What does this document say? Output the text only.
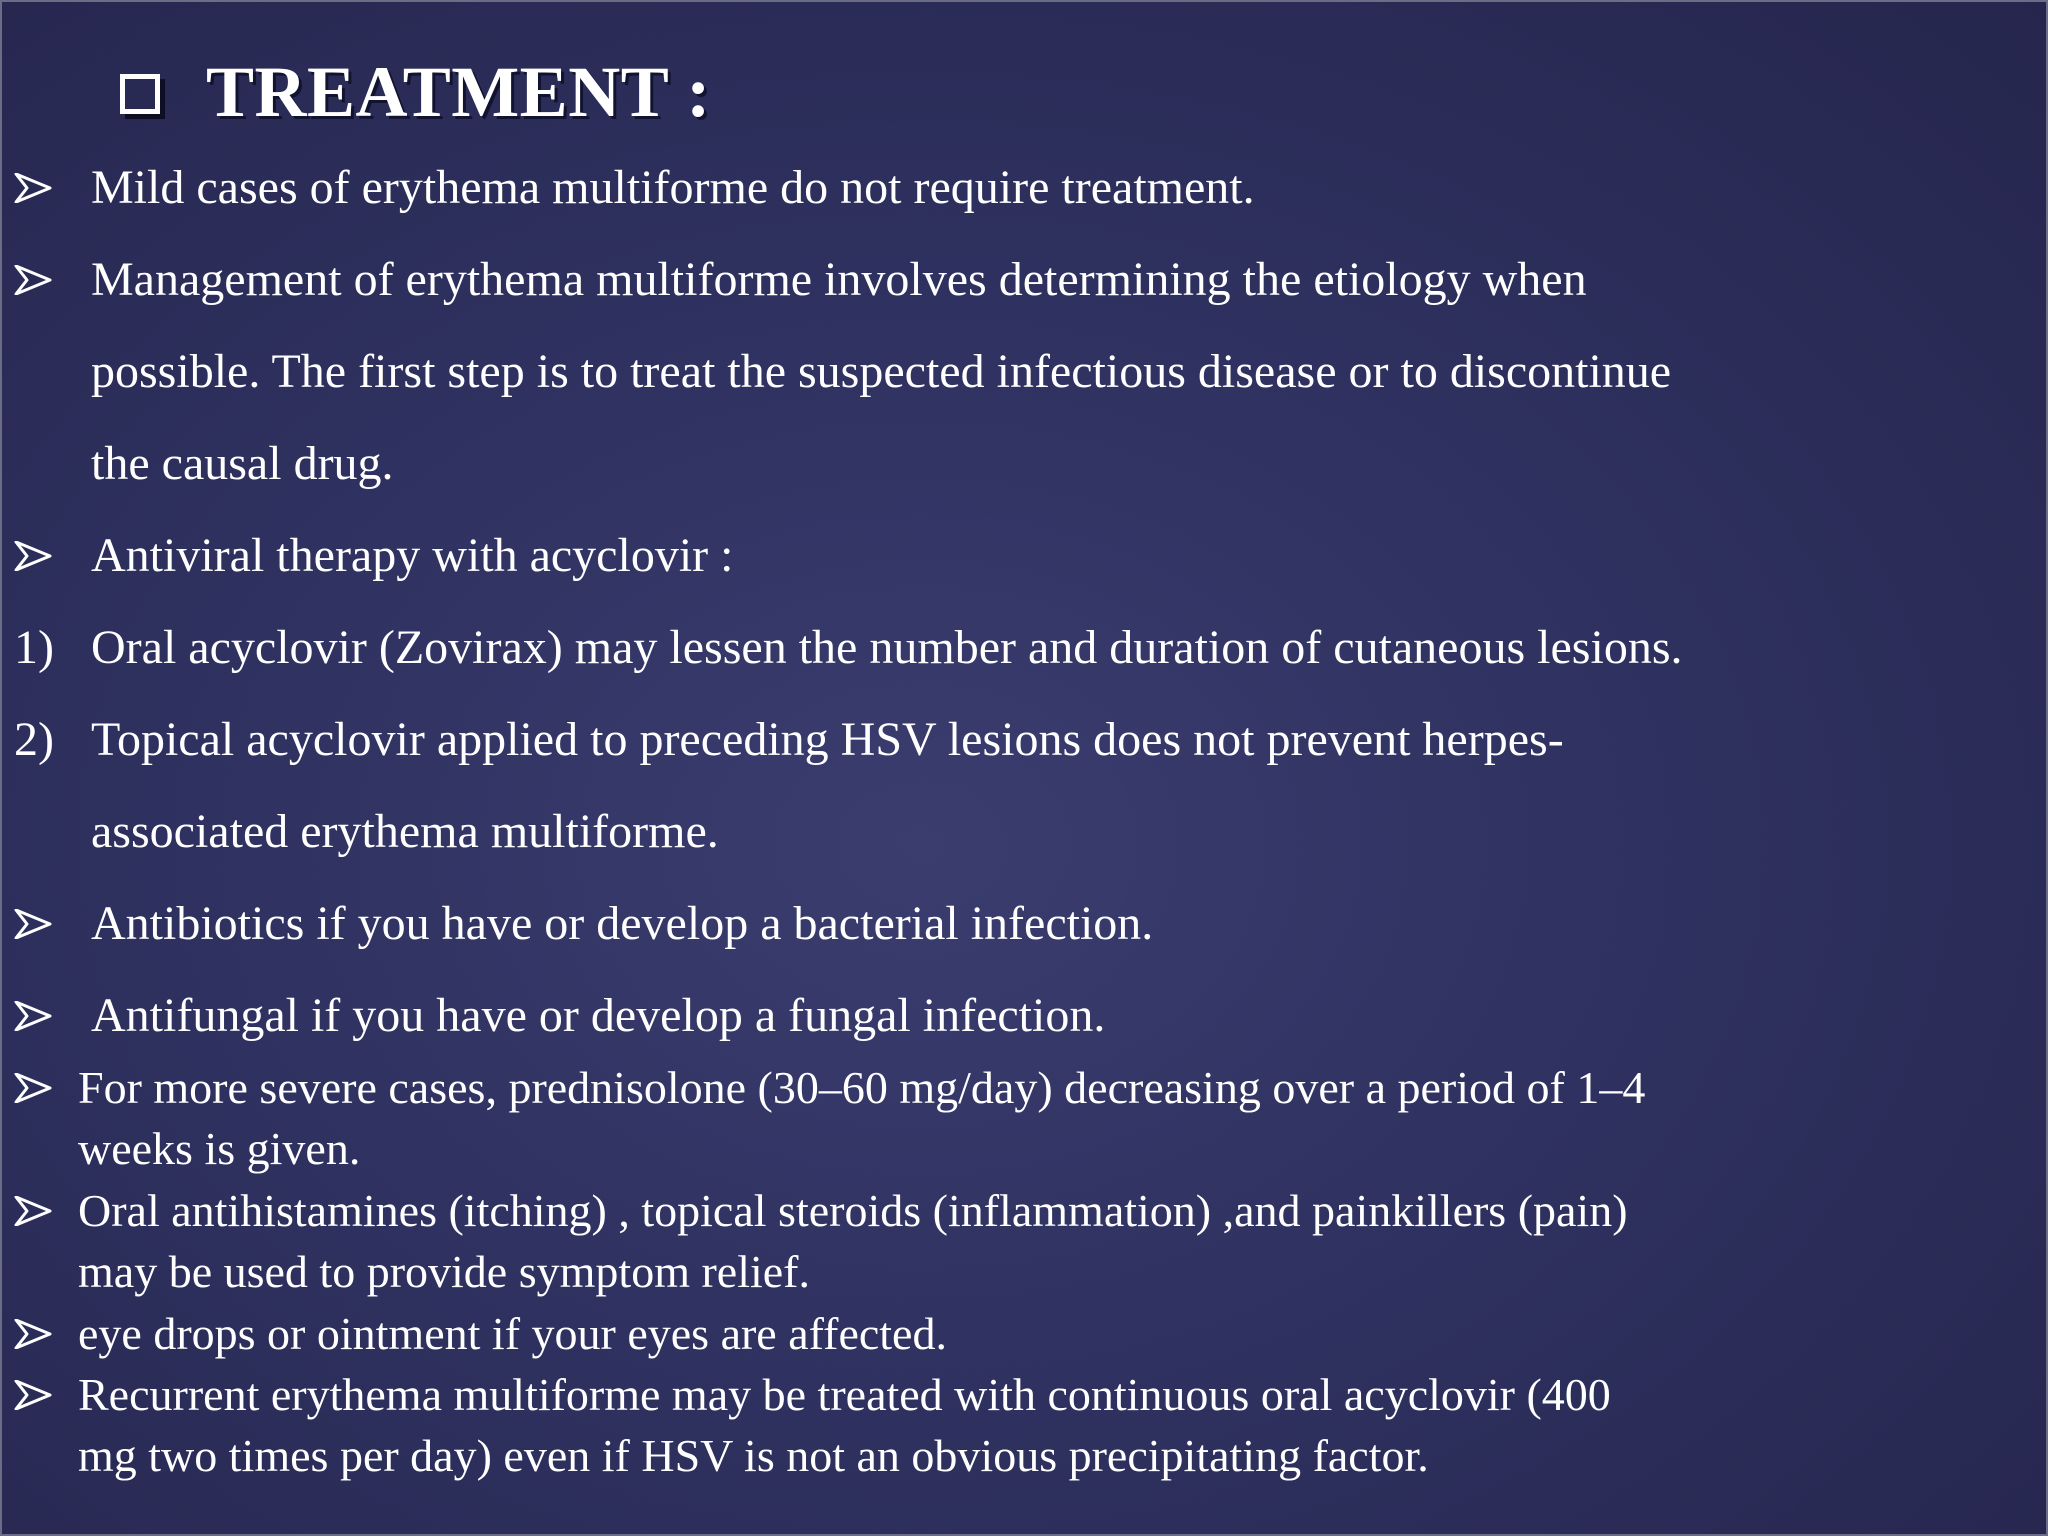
TREATMENT :
Mild cases of erythema multiforme do not require treatment.
Management of erythema multiforme involves determining the etiology when
possible. The first step is to treat the suspected infectious disease or to discontinue
the causal drug.
Antiviral therapy with acyclovir :
1) Oral acyclovir (Zovirax) may lessen the number and duration of cutaneous lesions.
2) Topical acyclovir applied to preceding HSV lesions does not prevent herpes-
associated erythema multiforme.
Antibiotics if you have or develop a bacterial infection.
Antifungal if you have or develop a fungal infection.
For more severe cases, prednisolone (30–60 mg/day) decreasing over a period of 1–4
weeks is given.
Oral antihistamines (itching) , topical steroids (inflammation) ,and painkillers (pain)
may be used to provide symptom relief.
eye drops or ointment if your eyes are affected.
Recurrent erythema multiforme may be treated with continuous oral acyclovir (400
mg two times per day) even if HSV is not an obvious precipitating factor.
